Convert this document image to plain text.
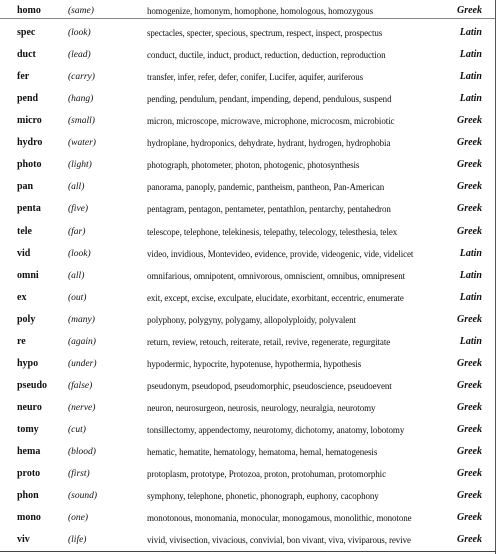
homo	(same)	homogenize, homonym, homophone, homologous, homozygous	Greek
spec	(look)	spectacles, specter, specious, spectrum, respect, inspect, prospectus	Latin
duct	(lead)	conduct, ductile, induct, product, reduction, deduction, reproduction	Latin
fer	(carry)	transfer, infer, refer, defer, conifer, Lucifer, aquifer, auriferous	Latin
pend	(hang)	pending, pendulum, pendant, impending, depend, pendulous, suspend	Latin
micro	(small)	micron, microscope, microwave, microphone, microcosm, microbiotic	Greek
hydro	(water)	hydroplane, hydroponics, dehydrate, hydrant, hydrogen, hydrophobia	Greek
photo	(light)	photograph, photometer, photon, photogenic, photosynthesis	Greek
pan	(all)	panorama, panoply, pandemic, pantheism, pantheon, Pan-American	Greek
penta	(five)	pentagram, pentagon, pentameter, pentathlon, pentarchy, pentahedron	Greek
tele	(far)	telescope, telephone, telekinesis, telepathy, telecology, telesthesia, telex	Greek
vid	(look)	video, invidious, Montevideo, evidence, provide, videogenic, vide, videlicet	Latin
omni	(all)	omnifarious, omnipotent, omnivorous, omniscient, omnibus, omnipresent	Latin
ex	(out)	exit, except, excise, exculpate, elucidate, exorbitant, eccentric, enumerate	Latin
poly	(many)	polyphony, polygyny, polygamy, allopolyploidy, polyvalent	Greek
re	(again)	return, review, retouch, reiterate, retail, revive, regenerate, regurgitate	Latin
hypo	(under)	hypodermic, hypocrite, hypotenuse, hypothermia, hypothesis	Greek
pseudo (false)	pseudonym, pseudopod, pseudomorphic, pseudoscience, pseudoevent	Greek
neuro	(nerve)	neuron, neurosurgeon, neurosis, neurology, neuralgia, neurotomy	Greek
tomy	(cut)	tonsillectomy, appendectomy, neurotomy, dichotomy, anatomy, lobotomy	Greek
hema	(blood)	hematic, hematite, hematology, hematoma, hemal, hematogenesis	Greek
proto	(first)	protoplasm, prototype, Protozoa, proton, protohuman, protomorphic	Greek
phon	(sound)	symphony, telephone, phonetic, phonograph, euphony, cacophony	Greek
mono	(one)	monotonous, monomania, monocular, monogamous, monolithic, monotone	Greek
viv	(life)	vivid, vivisection, vivacious, convivial, bon vivant, viva, viviparous, revive	Greek
